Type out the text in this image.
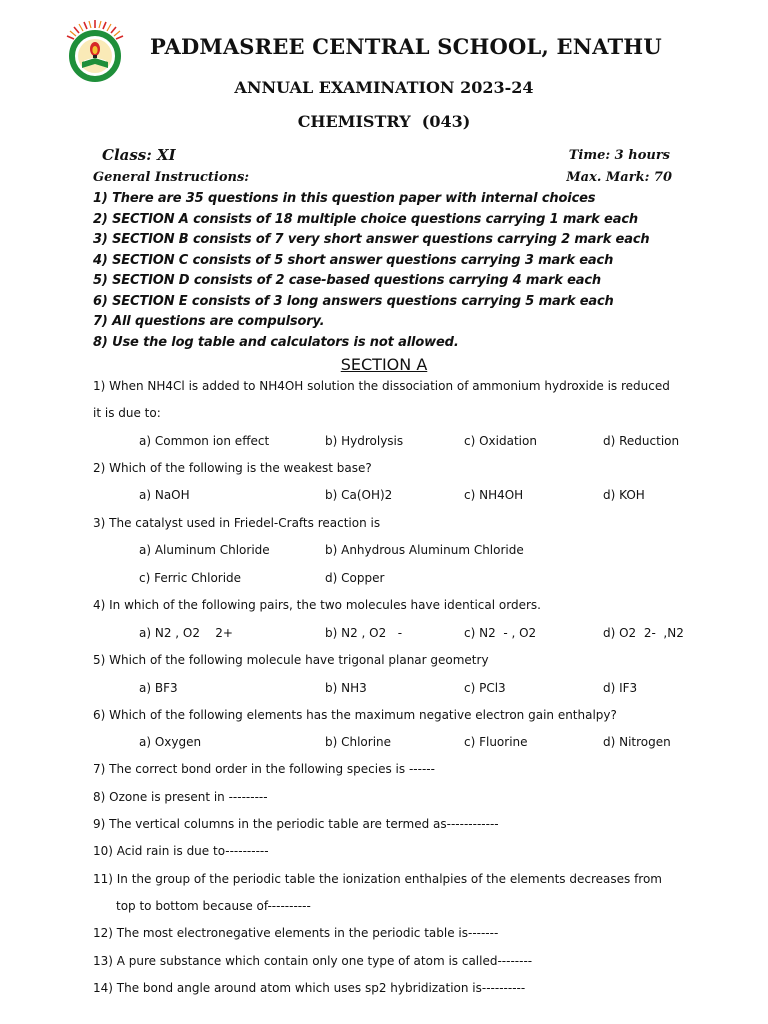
PADMASREE CENTRAL SCHOOL, ENATHU
ANNUAL EXAMINATION 2023-24
CHEMISTRY  (043)
Class: XI	Time: 3 hours
General Instructions:	Max. Mark: 70
1) There are 35 questions in this question paper with internal choices
2) SECTION A consists of 18 multiple choice questions carrying 1 mark each
3) SECTION B consists of 7 very short answer questions carrying 2 mark each
4) SECTION C consists of 5 short answer questions carrying 3 mark each
5) SECTION D consists of 2 case-based questions carrying 4 mark each
6) SECTION E consists of 3 long answers questions carrying 5 mark each
7) All questions are compulsory.
8) Use the log table and calculators is not allowed.
SECTION A
1) When NH4Cl is added to NH4OH solution the dissociation of ammonium hydroxide is reduced
it is due to:
a) Common ion effect	b) Hydrolysis	c) Oxidation	d) Reduction
2) Which of the following is the weakest base?
a) NaOH	b) Ca(OH)2	c) NH4OH	d) KOH
3) The catalyst used in Friedel-Crafts reaction is
a) Aluminum Chloride	b) Anhydrous Aluminum Chloride
c) Ferric Chloride	d) Copper
4) In which of the following pairs, the two molecules have identical orders.
a) N2 , O2    2+	b) N2 , O2   -	c) N2  - , O2	d) O2  2-  ,N2
5) Which of the following molecule have trigonal planar geometry
a) BF3	b) NH3	c) PCl3	d) IF3
6) Which of the following elements has the maximum negative electron gain enthalpy?
a) Oxygen	b) Chlorine	c) Fluorine	d) Nitrogen
7) The correct bond order in the following species is ------
8) Ozone is present in ---------
9) The vertical columns in the periodic table are termed as------------
10) Acid rain is due to----------
11) In the group of the periodic table the ionization enthalpies of the elements decreases from
top to bottom because of----------
12) The most electronegative elements in the periodic table is-------
13) A pure substance which contain only one type of atom is called--------
14) The bond angle around atom which uses sp2 hybridization is----------
